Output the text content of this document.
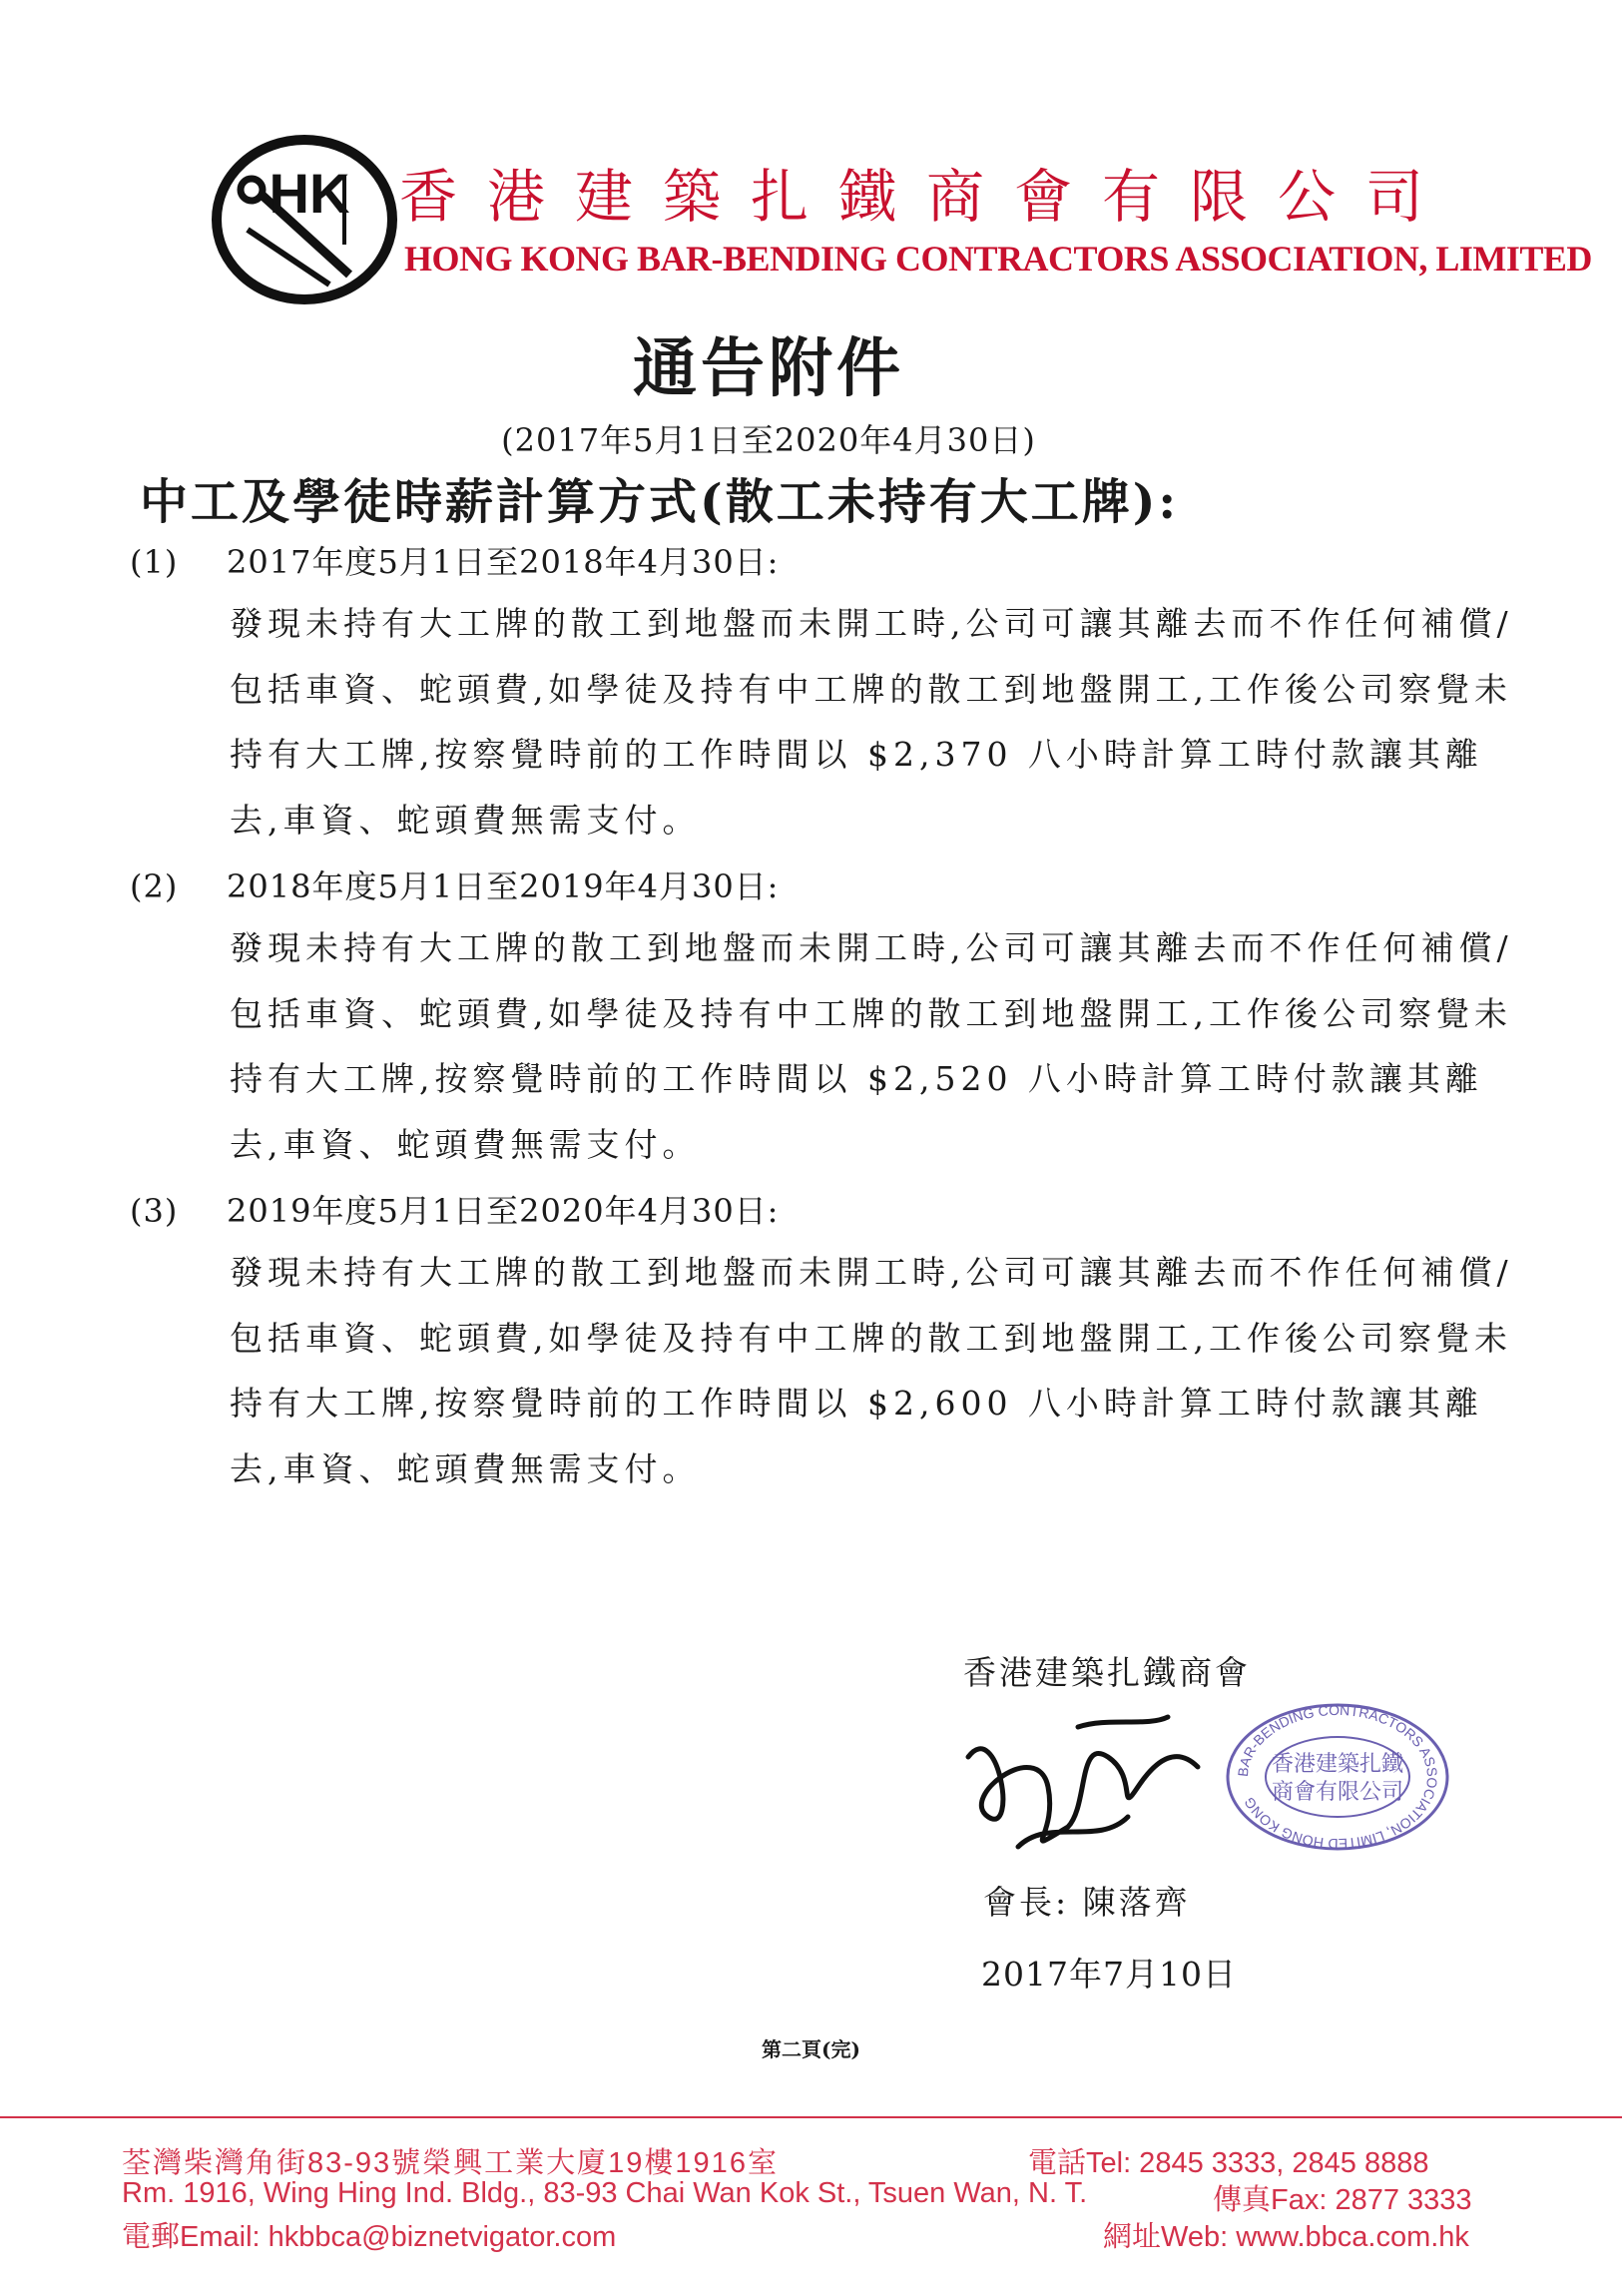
HK 香港建築扎鐵商會有限公司
HONG KONG BAR-BENDING CONTRACTORS ASSOCIATION, LIMITED
通告附件
(2017年5月1日至2020年4月30日)
中工及學徒時薪計算方式(散工未持有大工牌):
(1) 2017年度5月1日至2018年4月30日:

發現未持有大工牌的散工到地盤而未開工時,公司可讓其離去而不作任何補償/包括車資、蛇頭費,如學徒及持有中工牌的散工到地盤開工,工作後公司察覺未持有大工牌,按察覺時前的工作時間以 $2,370 八小時計算工時付款讓其離去,車資、蛇頭費無需支付。

(2) 2018年度5月1日至2019年4月30日:

發現未持有大工牌的散工到地盤而未開工時,公司可讓其離去而不作任何補償/包括車資、蛇頭費,如學徒及持有中工牌的散工到地盤開工,工作後公司察覺未持有大工牌,按察覺時前的工作時間以 $2,520 八小時計算工時付款讓其離去,車資、蛇頭費無需支付。

(3) 2019年度5月1日至2020年4月30日:

發現未持有大工牌的散工到地盤而未開工時,公司可讓其離去而不作任何補償/包括車資、蛇頭費,如學徒及持有中工牌的散工到地盤開工,工作後公司察覺未持有大工牌,按察覺時前的工作時間以 $2,600 八小時計算工時付款讓其離去,車資、蛇頭費無需支付。

香港建築扎鐵商會
BAR-BENDING CONTRACTORS ASSOCIATION, LIMITED HONG KONG
香港建築扎鐵
商會有限公司
會長: 陳落齊
2017年7月10日
第二頁(完)
荃灣柴灣角街83-93號榮興工業大廈19樓1916室
Rm. 1916, Wing Hing Ind. Bldg., 83-93 Chai Wan Kok St., Tsuen Wan, N. T.
電郵Email: hkbbca@biznetvigator.com
電話Tel: 2845 3333, 2845 8888
傳真Fax: 2877 3333
網址Web: www.bbca.com.hk
